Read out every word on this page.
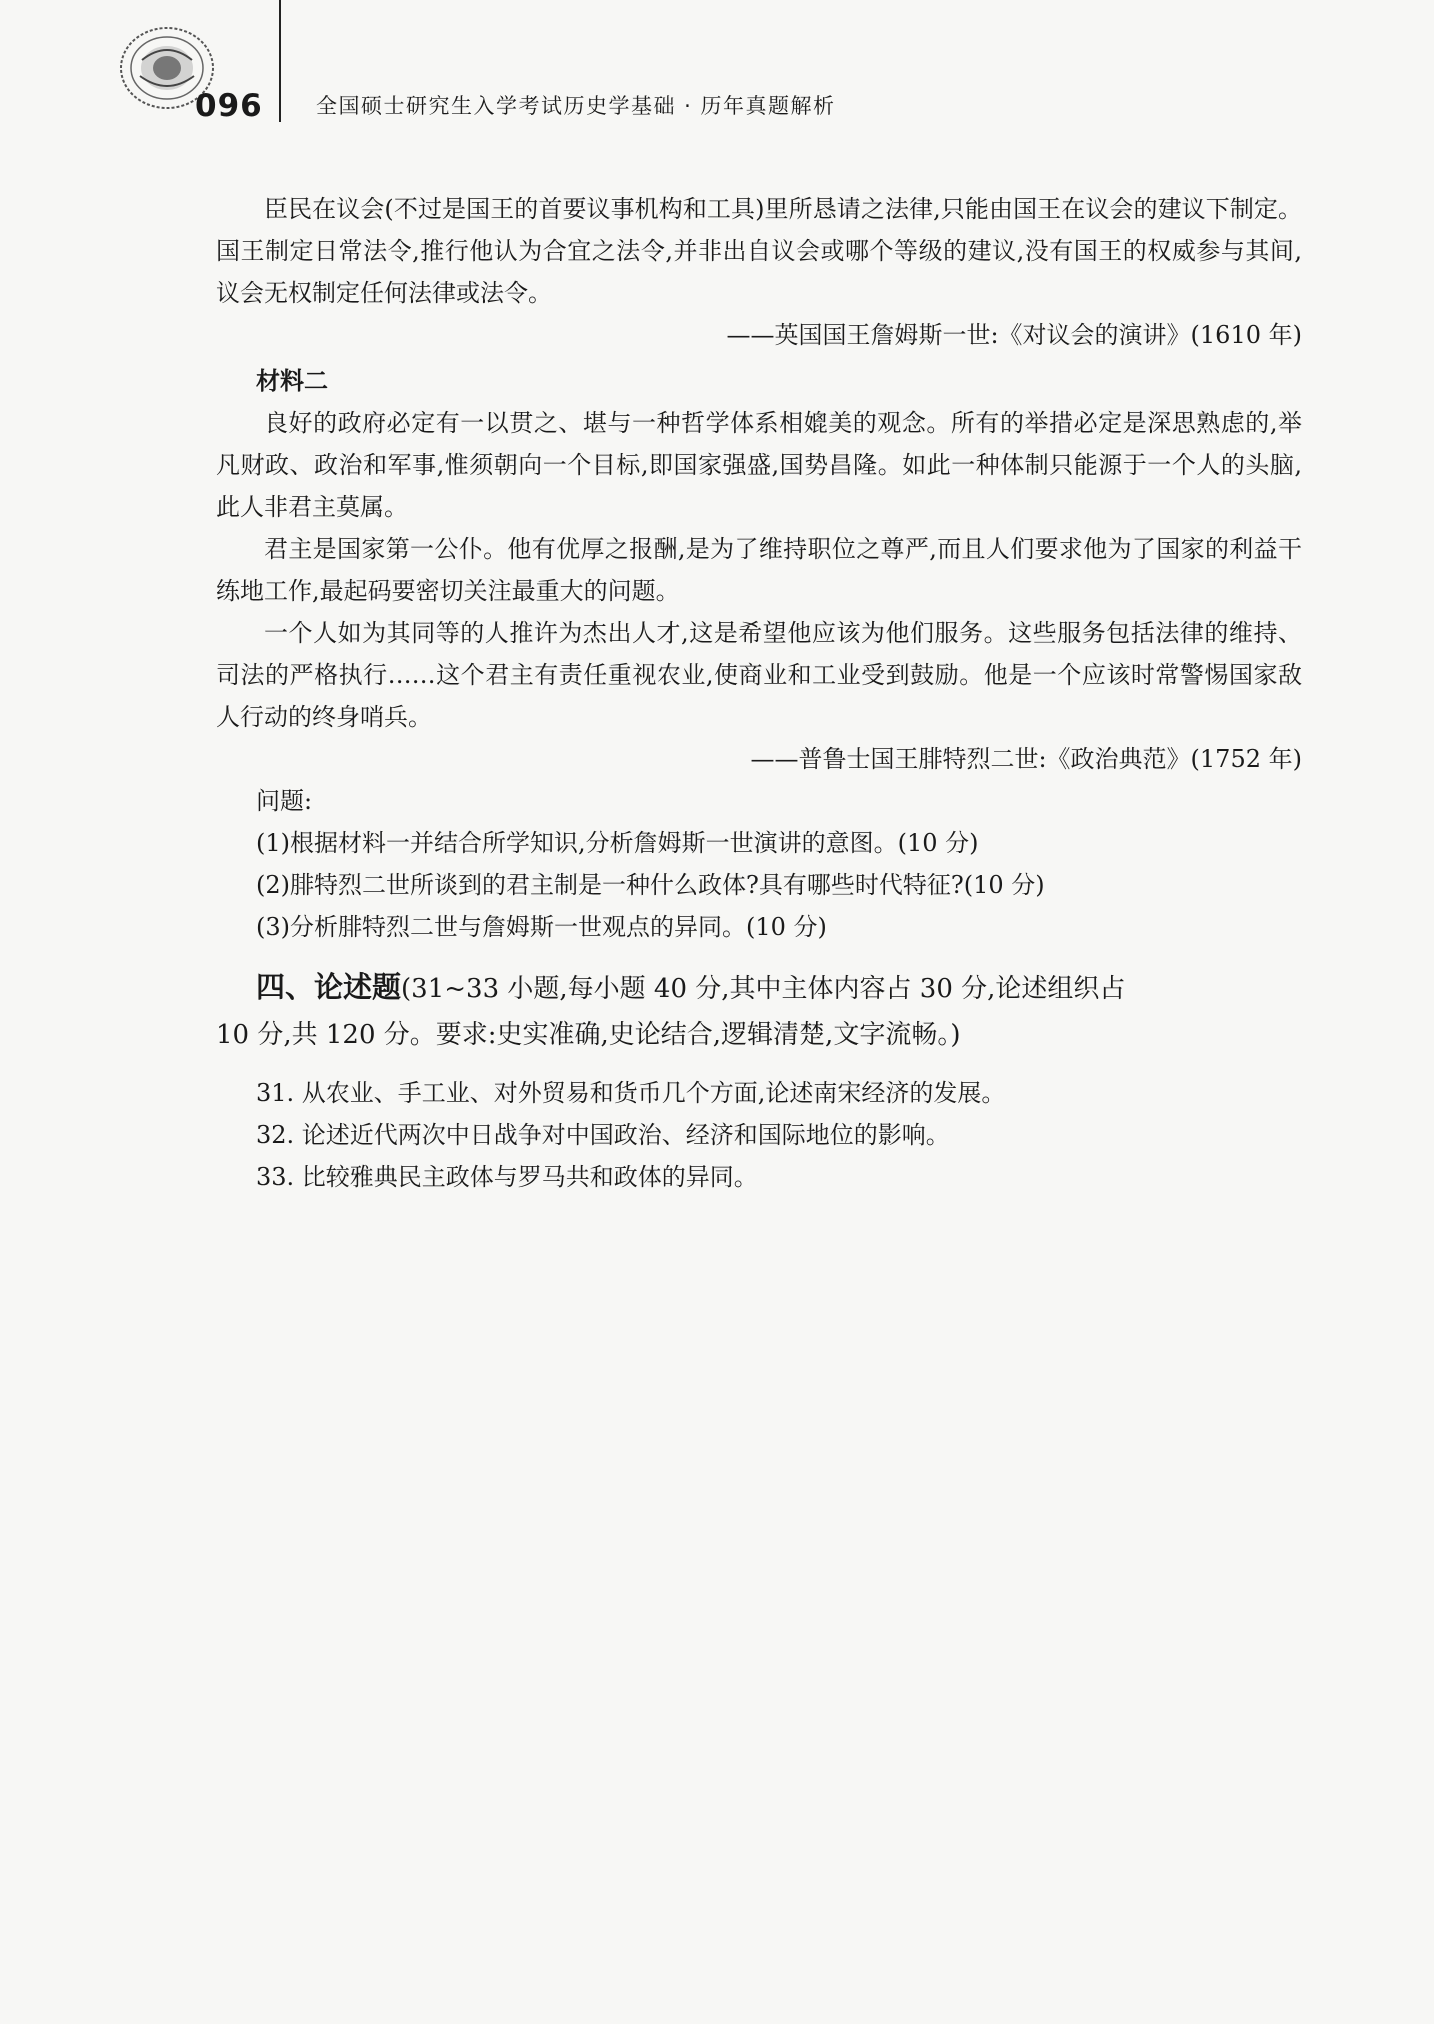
096	全国硕士研究生入学考试历史学基础 · 历年真题解析

臣民在议会(不过是国王的首要议事机构和工具)里所恳请之法律,只能由国王在议会的建议下制定。国王制定日常法令,推行他认为合宜之法令,并非出自议会或哪个等级的建议,没有国王的权威参与其间,议会无权制定任何法律或法令。

——英国国王詹姆斯一世:《对议会的演讲》(1610 年)

材料二

良好的政府必定有一以贯之、堪与一种哲学体系相媲美的观念。所有的举措必定是深思熟虑的,举凡财政、政治和军事,惟须朝向一个目标,即国家强盛,国势昌隆。如此一种体制只能源于一个人的头脑,此人非君主莫属。

君主是国家第一公仆。他有优厚之报酬,是为了维持职位之尊严,而且人们要求他为了国家的利益干练地工作,最起码要密切关注最重大的问题。

一个人如为其同等的人推许为杰出人才,这是希望他应该为他们服务。这些服务包括法律的维持、司法的严格执行……这个君主有责任重视农业,使商业和工业受到鼓励。他是一个应该时常警惕国家敌人行动的终身哨兵。

——普鲁士国王腓特烈二世:《政治典范》(1752 年)

问题:

(1)根据材料一并结合所学知识,分析詹姆斯一世演讲的意图。(10 分)

(2)腓特烈二世所谈到的君主制是一种什么政体?具有哪些时代特征?(10 分)

(3)分析腓特烈二世与詹姆斯一世观点的异同。(10 分)

四、论述题(31~33 小题,每小题 40 分,其中主体内容占 30 分,论述组织占

10 分,共 120 分。要求:史实准确,史论结合,逻辑清楚,文字流畅。)

31. 从农业、手工业、对外贸易和货币几个方面,论述南宋经济的发展。

32. 论述近代两次中日战争对中国政治、经济和国际地位的影响。

33. 比较雅典民主政体与罗马共和政体的异同。
